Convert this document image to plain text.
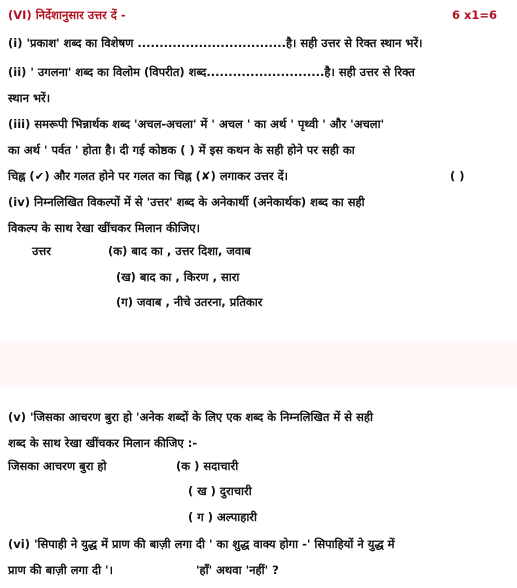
(VI) निर्देशानुसार उत्तर दें -	6 x1=6
(i) 'प्रकाश' शब्द का विशेषण ..................................है। सही उत्तर से रिक्त स्थान भरें।
(ii) ' उगलना' शब्द का विलोम (विपरीत) शब्द...........................है। सही उत्तर से रिक्त
स्थान भरें।
(iii) समरूपी भिन्नार्थक शब्द 'अचल-अचला' में ' अचल ' का अर्थ ' पृथ्वी ' और 'अचला'
का अर्थ ' पर्वत ' होता है। दी गई कोष्ठक ( ) में इस कथन के सही होने पर सही का
चिह्न (✔) और गलत होने पर गलत का चिह्न (✘) लगाकर उत्तर दें।	( )
(iv) निम्नलिखित विकल्पों में से 'उत्तर' शब्द के अनेकार्थी (अनेकार्थक) शब्द का सही
विकल्प के साथ रेखा खींचकर मिलान कीजिए।
उत्तर	(क) बाद का , उत्तर दिशा, जवाब
(ख) बाद का , किरण , सारा
(ग) जवाब , नीचे उतरना, प्रतिकार
(v) 'जिसका आचरण बुरा हो 'अनेक शब्दों के लिए एक शब्द के निम्नलिखित में से सही
शब्द के साथ रेखा खींचकर मिलान कीजिए :-
जिसका आचरण बुरा हो	(क ) सदाचारी
( ख ) दुराचारी
( ग ) अल्पाहारी
(vi) 'सिपाही ने युद्ध में प्राण की बाज़ी लगा दी ' का शुद्ध वाक्य होगा -' सिपाहियों ने युद्ध में
प्राण की बाज़ी लगा दी '।	'हाँ' अथवा 'नहीं' ?
